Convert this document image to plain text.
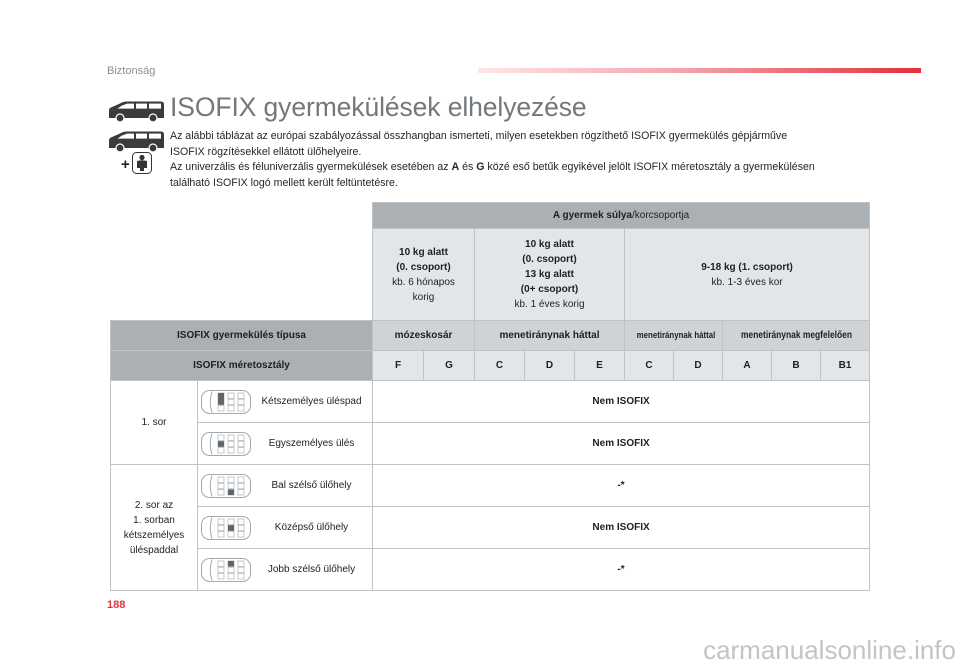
Biztonság
+
ISOFIX gyermekülések elhelyezése
Az alábbi táblázat az európai szabályozással összhangban ismerteti, milyen esetekben rögzíthető ISOFIX gyermekülés gépjárműve
ISOFIX rögzítésekkel ellátott ülőhelyeire.
Az univerzális és féluniverzális gyermekülések esetében az A és G közé eső betűk egyikével jelölt ISOFIX méretosztály a gyermekülésen
található ISOFIX logó mellett került feltüntetésre.
		A gyermek súlya/korcsoportja									

		10 kg alatt
(0. csoport)
kb. 6 hónapos
korig		10 kg alatt
(0. csoport)
13 kg alatt
(0+ csoport)
kb. 1 éves korig			9-18 kg (1. csoport)
kb. 1-3 éves kor				

ISOFIX gyermekülés típusa		mózeskosár		menetiránynak háttal			menetiránynak háttal		menetiránynak megfelelően		
ISOFIX méretosztály		F	G	C	D	E	C	D	A	B	B1

1. sor	Kétszemélyes üléspad	Nem ISOFIX									

	Egyszemélyes ülés	Nem ISOFIX									

2. sor az
1. sorban
kétszemélyes
üléspaddal	Bal szélső ülőhely	-*									

	Középső ülőhely	Nem ISOFIX									

	Jobb szélső ülőhely	-*									
188
carmanualsonline.info
